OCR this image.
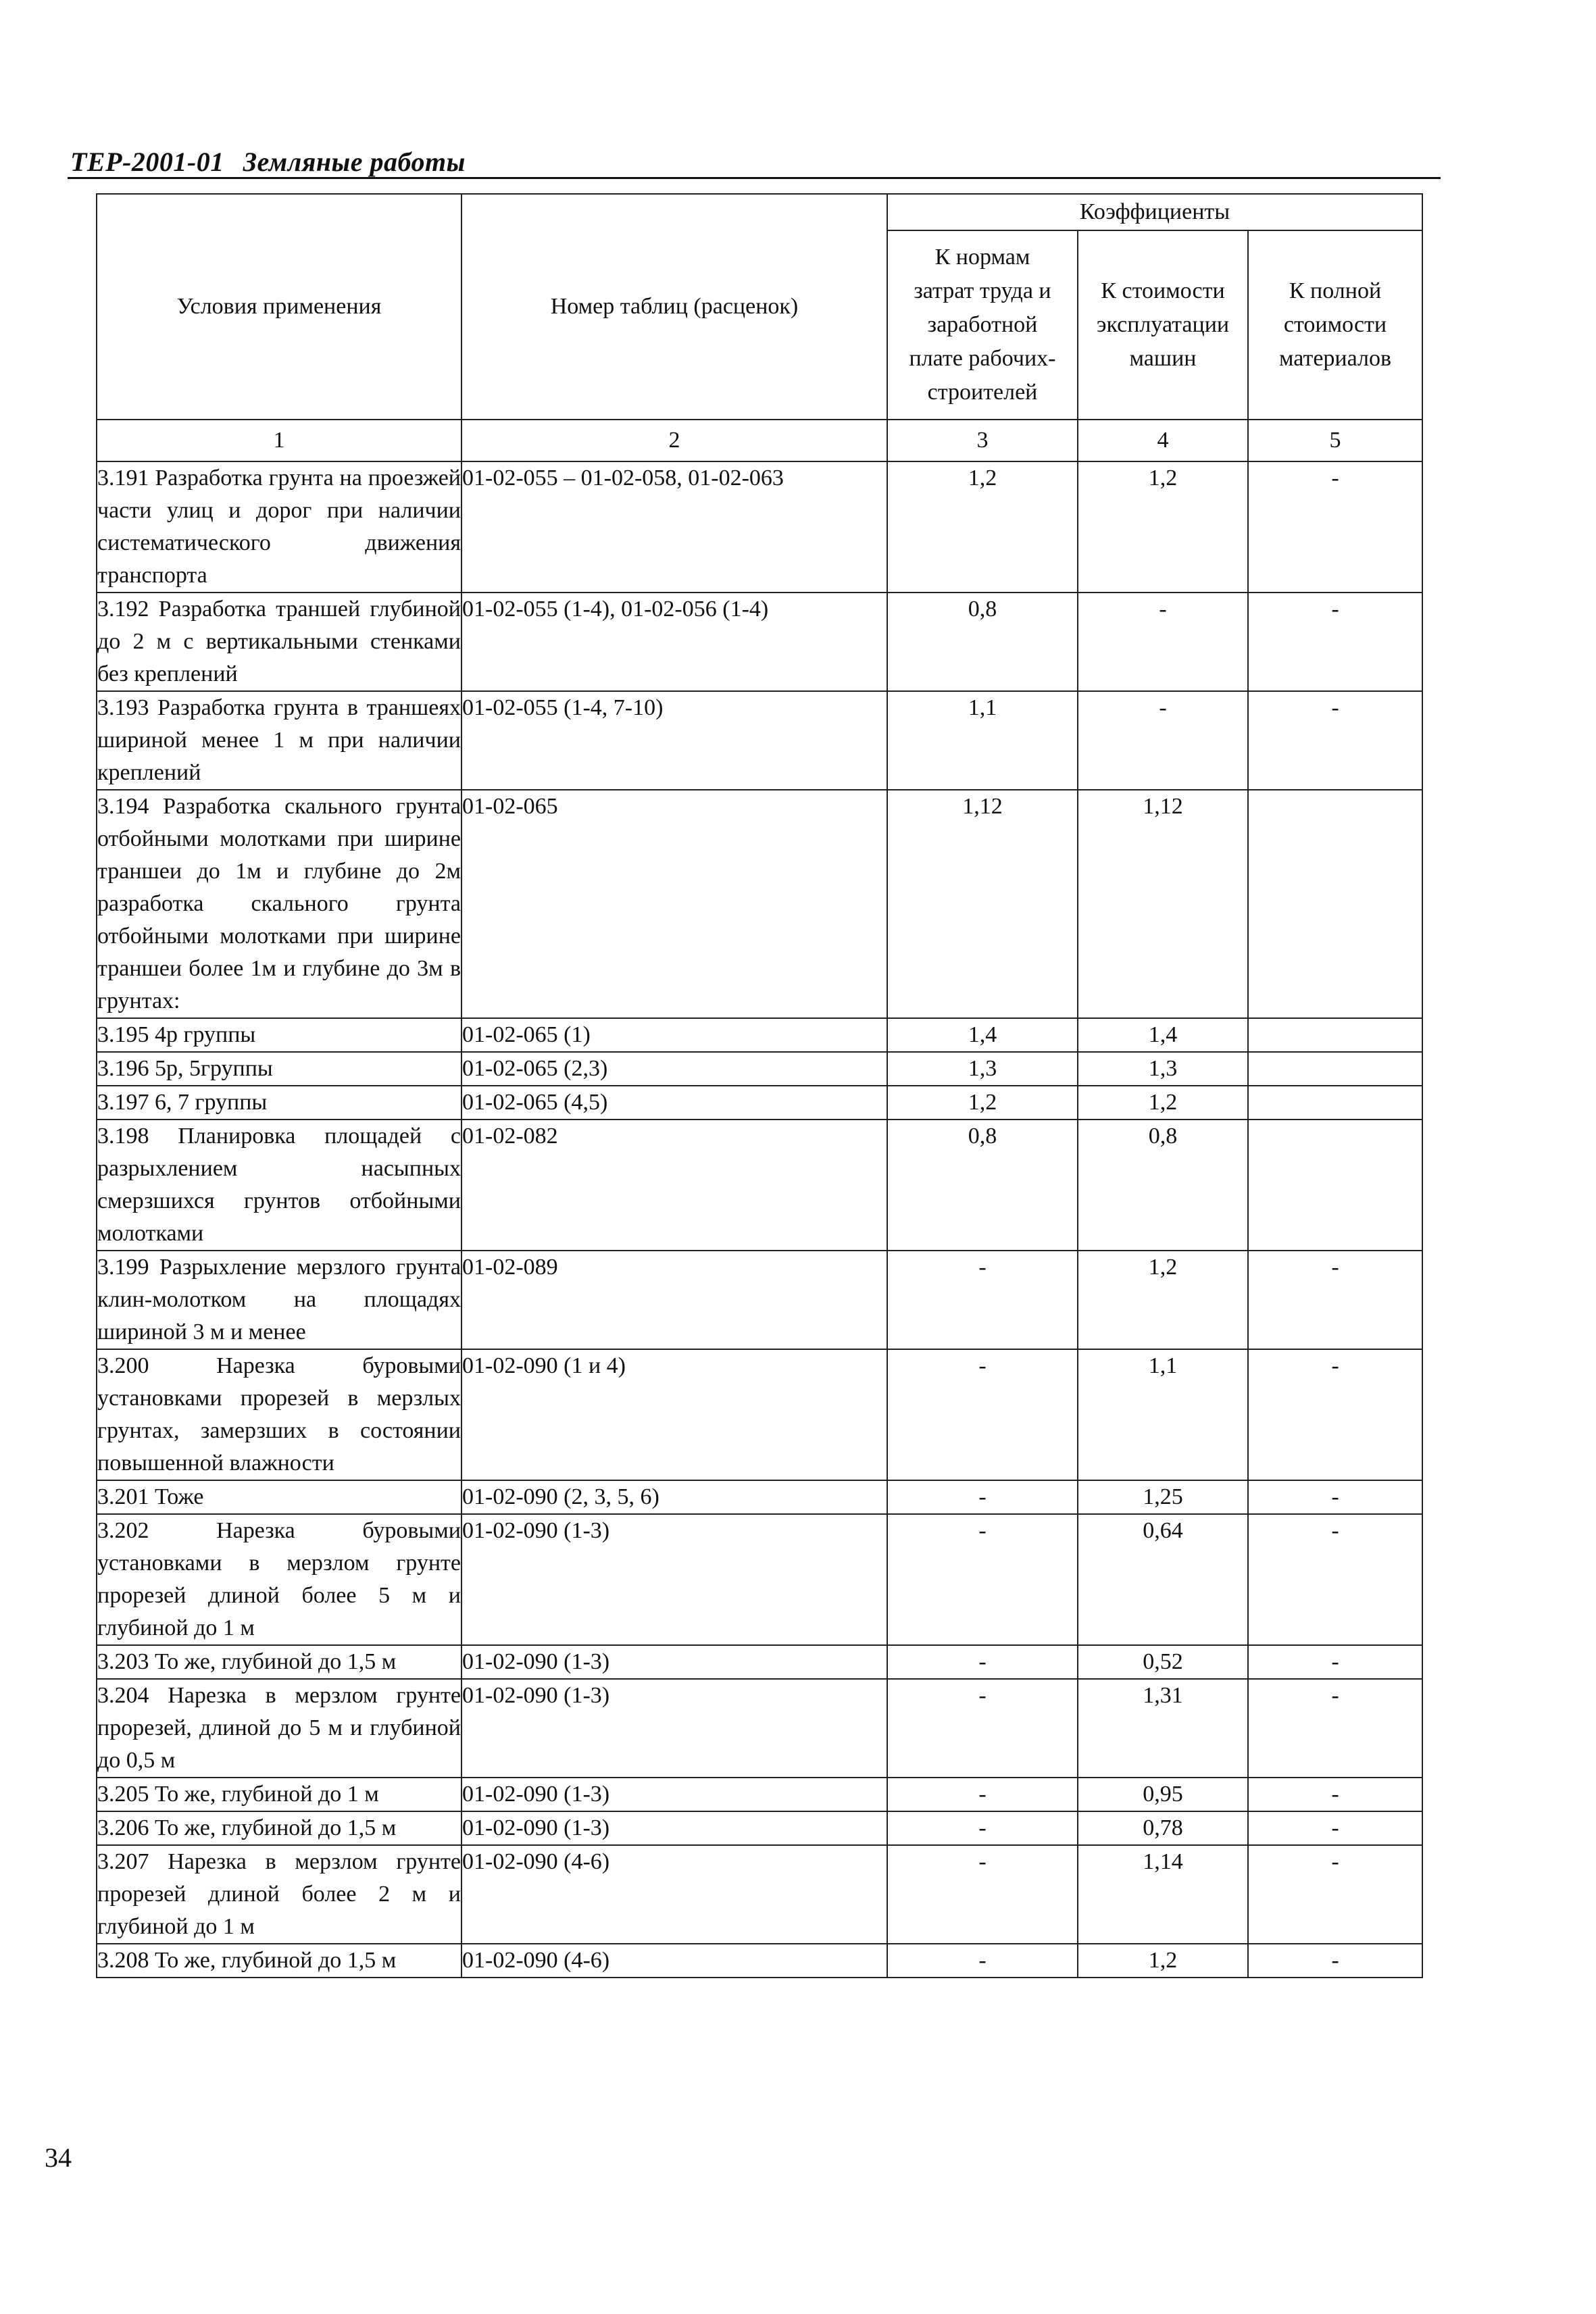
ТЕР-2001-01 Земляные работы
Условия применения	Номер таблиц (расценок)	Коэффициенты		
		К нормам затрат труда и заработной плате рабочих-строителей	К стоимости эксплуатации машин	К полной стоимости материалов
1	2	3	4	5
3.191 Разработка грунта на проезжей части улиц и дорог при наличии систематического движения транспорта	01-02-055 – 01-02-058, 01-02-063	1,2	1,2	-
3.192 Разработка траншей глубиной до 2 м с вертикальными стенками без креплений	01-02-055 (1-4), 01-02-056 (1-4)	0,8	-	-
3.193 Разработка грунта в траншеях шириной менее 1 м при наличии креплений	01-02-055 (1-4, 7-10)	1,1	-	-
3.194 Разработка скального грунта отбойными молотками при ширине траншеи до 1м и глубине до 2м разработка скального грунта отбойными молотками при ширине траншеи более 1м и глубине до 3м в грунтах:	01-02-065	1,12	1,12	
3.195 4р группы	01-02-065 (1)	1,4	1,4	
3.196 5р, 5группы	01-02-065 (2,3)	1,3	1,3	
3.197 6, 7 группы	01-02-065 (4,5)	1,2	1,2	
3.198 Планировка площадей с разрыхлением насыпных смерзшихся грунтов отбойными молотками	01-02-082	0,8	0,8	
3.199 Разрыхление мерзлого грунта клин-молотком на площадях шириной 3 м и менее	01-02-089	-	1,2	-
3.200 Нарезка буровыми установками прорезей в мерзлых грунтах, замерзших в состоянии повышенной влажности	01-02-090 (1 и 4)	-	1,1	-
3.201 Тоже	01-02-090 (2, 3, 5, 6)	-	1,25	-
3.202 Нарезка буровыми установками в мерзлом грунте прорезей длиной более 5 м и глубиной до 1 м	01-02-090 (1-3)	-	0,64	-
3.203 То же, глубиной до 1,5 м	01-02-090 (1-3)	-	0,52	-
3.204 Нарезка в мерзлом грунте прорезей, длиной до 5 м и глубиной до 0,5 м	01-02-090 (1-3)	-	1,31	-
3.205 То же, глубиной до 1 м	01-02-090 (1-3)	-	0,95	-
3.206 То же, глубиной до 1,5 м	01-02-090 (1-3)	-	0,78	-
3.207 Нарезка в мерзлом грунте прорезей длиной более 2 м и глубиной до 1 м	01-02-090 (4-6)	-	1,14	-
3.208 То же, глубиной до 1,5 м	01-02-090 (4-6)	-	1,2	-
34
